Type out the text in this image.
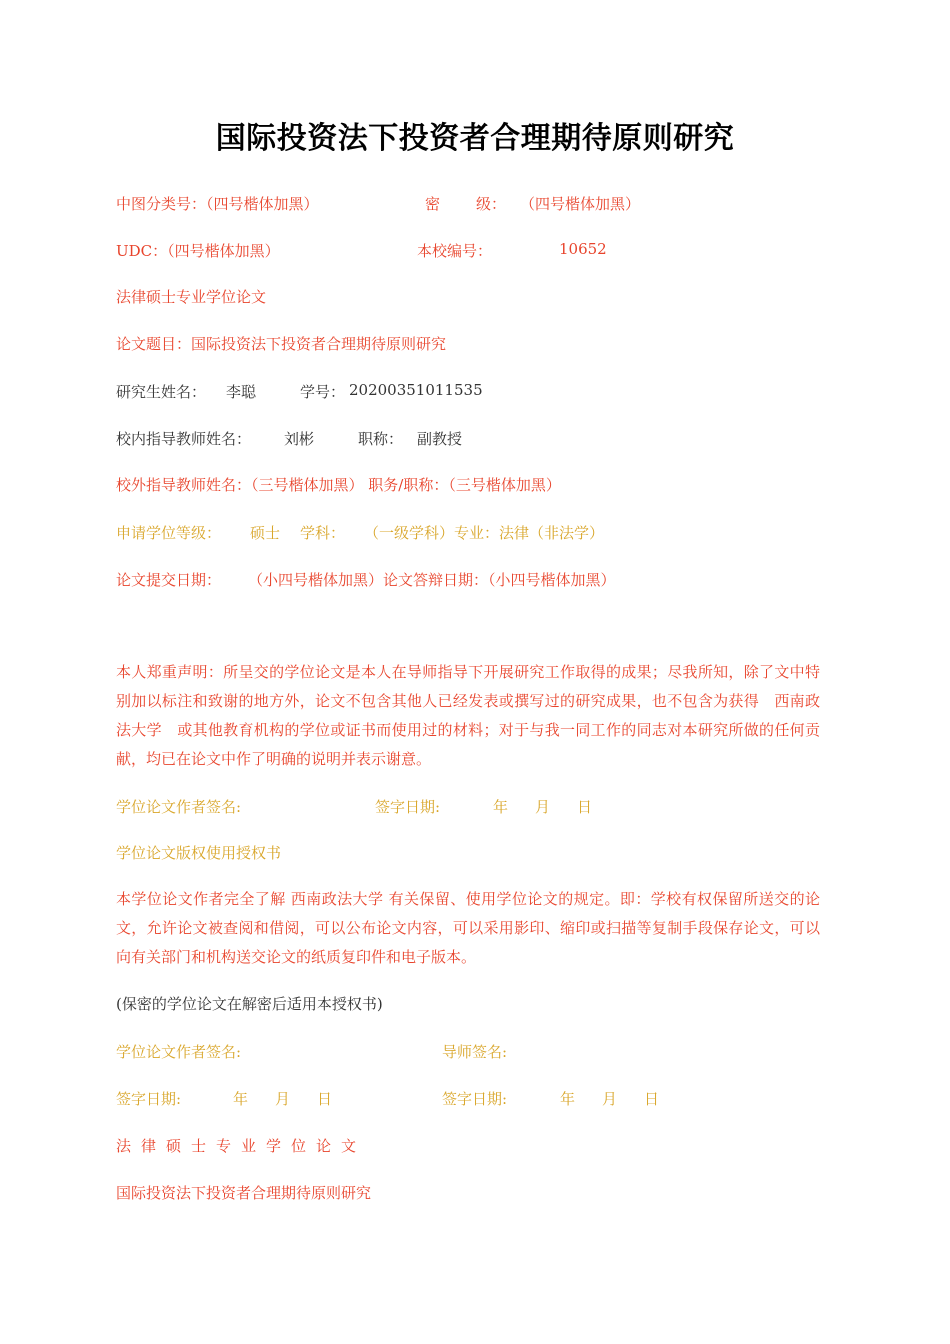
国际投资法下投资者合理期待原则研究
中图分类号：（四号楷体加黑）	密 级： （四号楷体加黑）
UDC：（四号楷体加黑）	本校编号：	10652
法律硕士专业学位论文
论文题目：国际投资法下投资者合理期待原则研究
研究生姓名： 李聪	学号： 20200351011535
校内指导教师姓名： 刘彬	职称： 副教授
校外指导教师姓名：（三号楷体加黑） 职务/职称：（三号楷体加黑）
申请学位等级： 硕士 学科： （一级学科）专业：法律（非法学）
论文提交日期： （小四号楷体加黑）论文答辩日期：（小四号楷体加黑）
本人郑重声明：所呈交的学位论文是本人在导师指导下开展研究工作取得的成果；尽我所知，除了文中特别加以标注和致谢的地方外，论文不包含其他人已经发表或撰写过的研究成果，也不包含为获得　西南政法大学　或其他教育机构的学位或证书而使用过的材料；对于与我一同工作的同志对本研究所做的任何贡献，均已在论文中作了明确的说明并表示谢意。
学位论文作者签名:	签字日期:	年 月 日
学位论文版权使用授权书
本学位论文作者完全了解 西南政法大学 有关保留、使用学位论文的规定。即：学校有权保留所送交的论文，允许论文被查阅和借阅，可以公布论文内容，可以采用影印、缩印或扫描等复制手段保存论文，可以向有关部门和机构送交论文的纸质复印件和电子版本。
(保密的学位论文在解密后适用本授权书)
学位论文作者签名:	导师签名:
签字日期:	年 月 日	签字日期:	年 月 日
法律硕士专业学位论文
国际投资法下投资者合理期待原则研究
